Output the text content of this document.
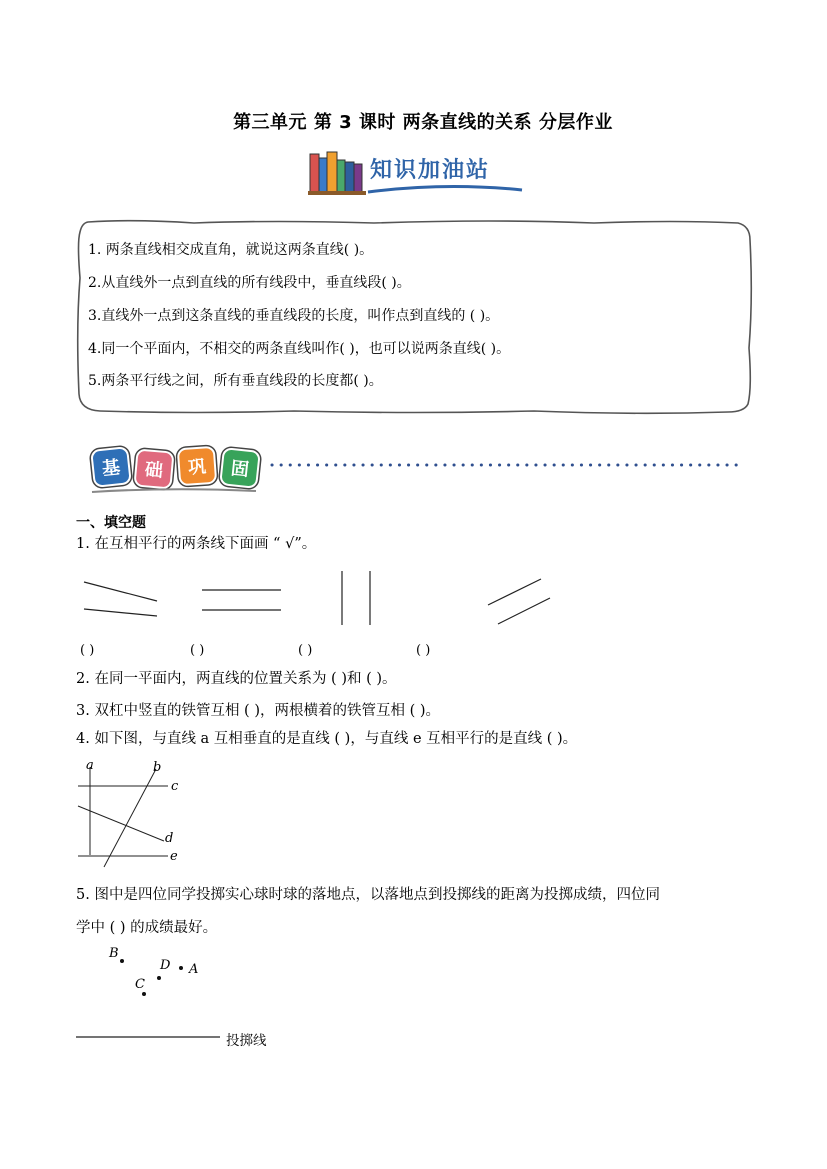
第三单元 第 3 课时 两条直线的关系 分层作业
知识加油站
1. 两条直线相交成直角，就说这两条直线( )。
2.从直线外一点到直线的所有线段中，垂直线段( )。
3.直线外一点到这条直线的垂直线段的长度，叫作点到直线的 ( )。
4.同一个平面内，不相交的两条直线叫作( )，也可以说两条直线( )。
5.两条平行线之间，所有垂直线段的长度都( )。
基	础	巩	固
一、填空题
1. 在互相平行的两条线下面画 “ √”。
( )	( )	( )	( )
2. 在同一平面内，两直线的位置关系为 ( )和 ( )。
3. 双杠中竖直的铁管互相 ( )，两根横着的铁管互相 ( )。
4. 如下图，与直线 a 互相垂直的是直线 ( )，与直线 e 互相平行的是直线 ( )。
a	b
c
d
e
5. 图中是四位同学投掷实心球时球的落地点，以落地点到投掷线的距离为投掷成绩，四位同
学中 ( ) 的成绩最好。
B
D A
C
投掷线
